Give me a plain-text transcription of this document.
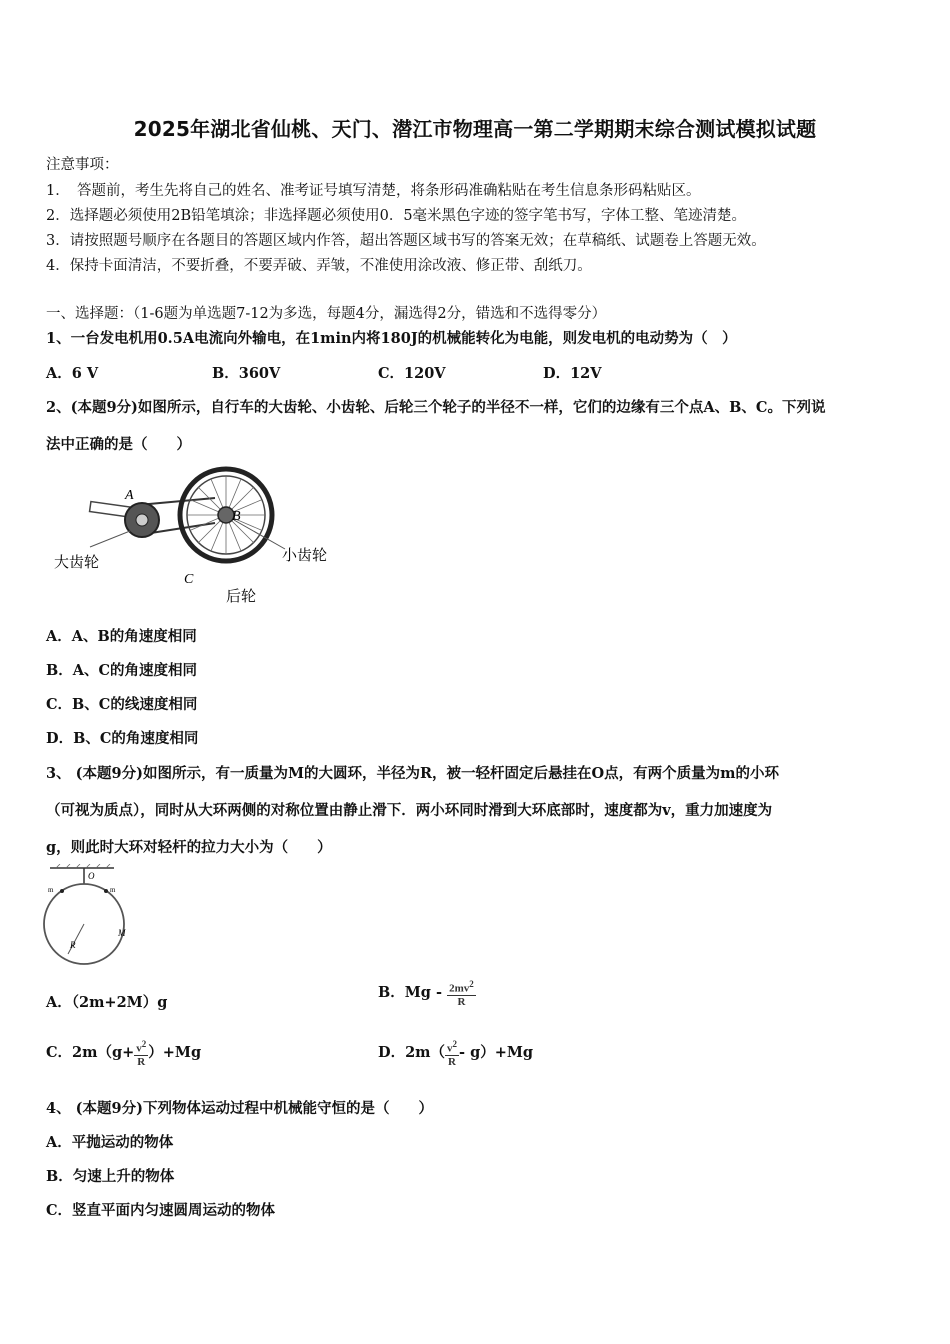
2025年湖北省仙桃、天门、潜江市物理高一第二学期期末综合测试模拟试题
注意事项：
1．　答题前，考生先将自己的姓名、准考证号填写清楚，将条形码准确粘贴在考生信息条形码粘贴区。
2．选择题必须使用2B铅笔填涂；非选择题必须使用0．5毫米黑色字迹的签字笔书写，字体工整、笔迹清楚。
3．请按照题号顺序在各题目的答题区域内作答，超出答题区域书写的答案无效；在草稿纸、试题卷上答题无效。
4．保持卡面清洁，不要折叠，不要弄破、弄皱，不准使用涂改液、修正带、刮纸刀。
一、选择题：（1-6题为单选题7-12为多选，每题4分，漏选得2分，错选和不选得零分）
1、一台发电机用0.5A电流向外输电，在1min内将180J的机械能转化为电能，则发电机的电动势为（　）
A．6 V	B．360V	C．120V	D．12V
2、(本题9分)如图所示，自行车的大齿轮、小齿轮、后轮三个轮子的半径不一样，它们的边缘有三个点A、B、C。下列说
法中正确的是（　　）
A
B
C
大齿轮	小齿轮
后轮
A．A、B的角速度相同
B．A、C的角速度相同
C．B、C的线速度相同
D．B、C的角速度相同
3、 (本题9分)如图所示，有一质量为M的大圆环，半径为R，被一轻杆固定后悬挂在O点，有两个质量为m的小环
（可视为质点），同时从大环两侧的对称位置由静止滑下．两小环同时滑到大环底部时，速度都为v，重力加速度为
g，则此时大环对轻杆的拉力大小为（　　）
O
R
M
m	m
A．（2m+2M）g
B．Mg - $\frac{2mv^2}{R}$
C．$2m(g+ \frac{v^2}{R} )+Mg$	D．$2m( \frac{v^2}{R} - g)+Mg$
4、 (本题9分)下列物体运动过程中机械能守恒的是（　　）
A．平抛运动的物体
B．匀速上升的物体
C．竖直平面内匀速圆周运动的物体
